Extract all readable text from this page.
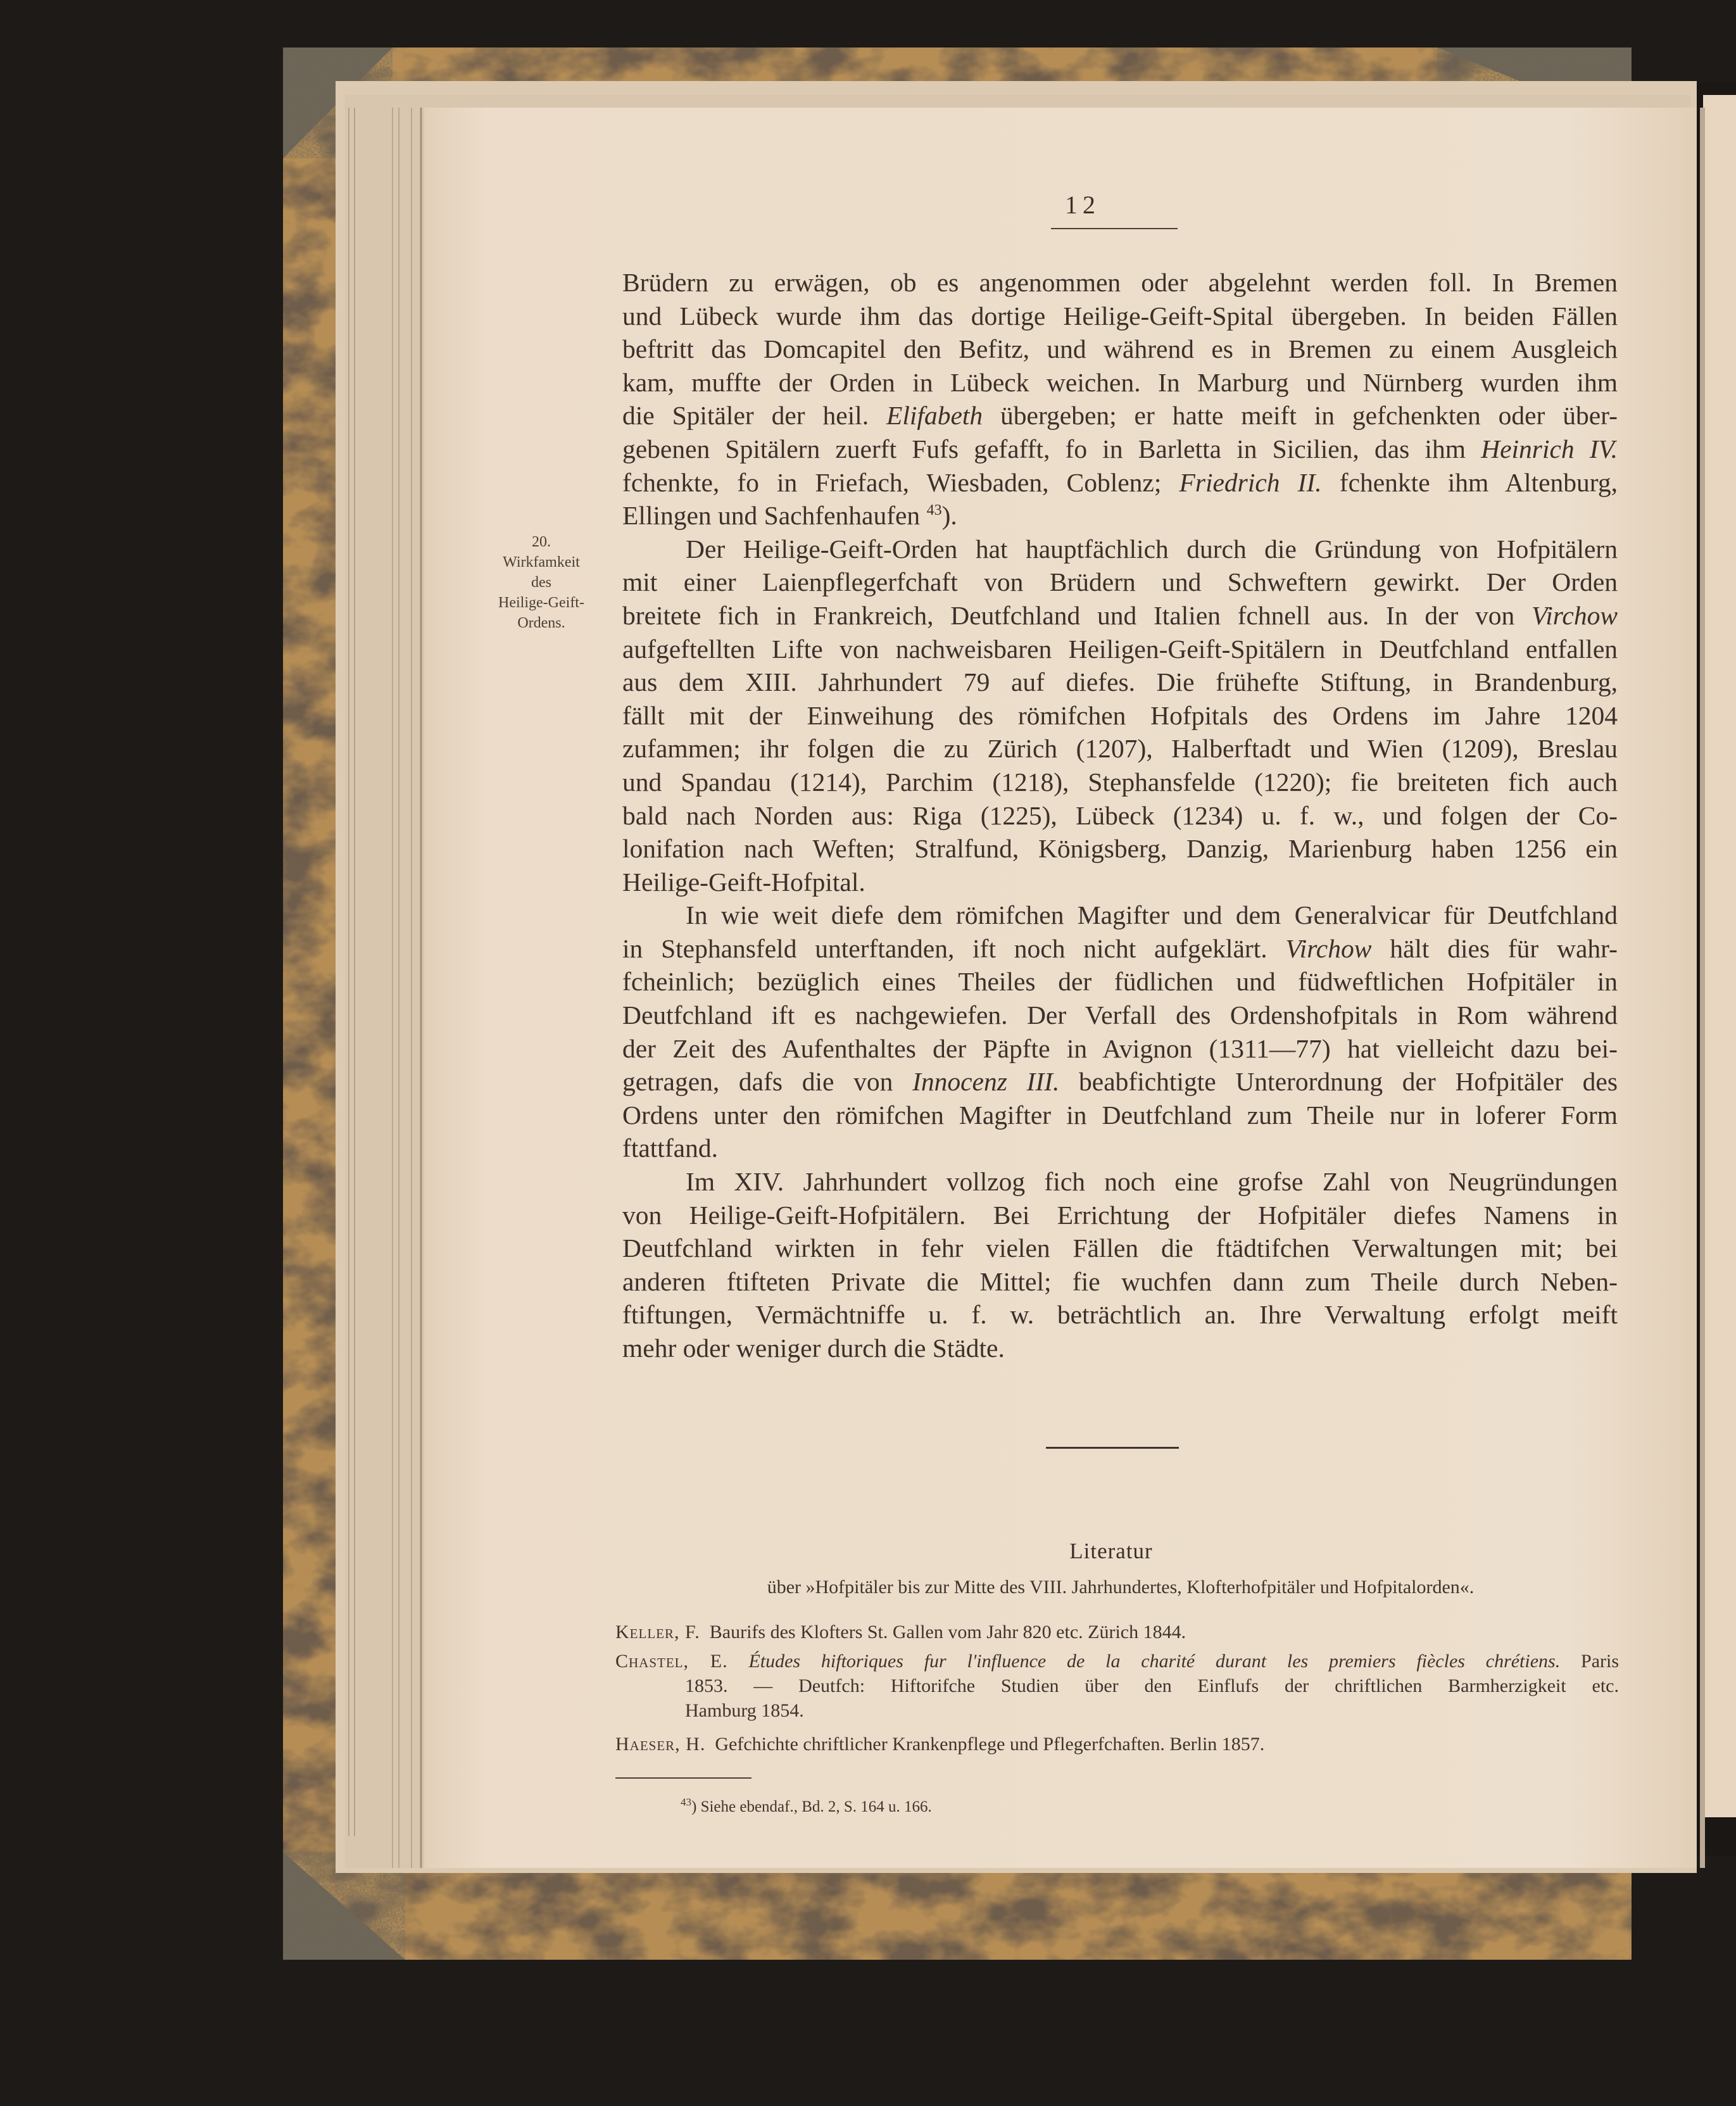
12
20.
Wirkfamkeit
des
Heilige-Geift-
Ordens.

Brüdern zu erwägen, ob es angenommen oder abgelehnt werden foll. In Bremen
und Lübeck wurde ihm das dortige Heilige-Geift-Spital übergeben. In beiden Fällen
beftritt das Domcapitel den Befitz, und während es in Bremen zu einem Ausgleich
kam, muffte der Orden in Lübeck weichen. In Marburg und Nürnberg wurden ihm
die Spitäler der heil. Elifabeth übergeben; er hatte meift in gefchenkten oder über-
gebenen Spitälern zuerft Fufs gefafft, fo in Barletta in Sicilien, das ihm Heinrich IV.
fchenkte, fo in Friefach, Wiesbaden, Coblenz; Friedrich II. fchenkte ihm Altenburg,
Ellingen und Sachfenhaufen $^{43}$).

Der Heilige-Geift-Orden hat hauptfächlich durch die Gründung von Hofpitälern
mit einer Laienpflegerfchaft von Brüdern und Schweftern gewirkt. Der Orden
breitete fich in Frankreich, Deutfchland und Italien fchnell aus. In der von Virchow
aufgeftellten Lifte von nachweisbaren Heiligen-Geift-Spitälern in Deutfchland entfallen
aus dem XIII. Jahrhundert 79 auf diefes. Die frühefte Stiftung, in Brandenburg,
fällt mit der Einweihung des römifchen Hofpitals des Ordens im Jahre 1204
zufammen; ihr folgen die zu Zürich (1207), Halberftadt und Wien (1209), Breslau
und Spandau (1214), Parchim (1218), Stephansfelde (1220); fie breiteten fich auch
bald nach Norden aus: Riga (1225), Lübeck (1234) u. f. w., und folgen der Co-
lonifation nach Weften; Stralfund, Königsberg, Danzig, Marienburg haben 1256 ein
Heilige-Geift-Hofpital.

In wie weit diefe dem römifchen Magifter und dem Generalvicar für Deutfchland
in Stephansfeld unterftanden, ift noch nicht aufgeklärt. Virchow hält dies für wahr-
fcheinlich; bezüglich eines Theiles der füdlichen und füdweftlichen Hofpitäler in
Deutfchland ift es nachgewiefen. Der Verfall des Ordenshofpitals in Rom während
der Zeit des Aufenthaltes der Päpfte in Avignon (1311—77) hat vielleicht dazu bei-
getragen, dafs die von Innocenz III. beabfichtigte Unterordnung der Hofpitäler des
Ordens unter den römifchen Magifter in Deutfchland zum Theile nur in loferer Form
ftattfand.

Im XIV. Jahrhundert vollzog fich noch eine grofse Zahl von Neugründungen
von Heilige-Geift-Hofpitälern. Bei Errichtung der Hofpitäler diefes Namens in
Deutfchland wirkten in fehr vielen Fällen die ftädtifchen Verwaltungen mit; bei
anderen ftifteten Private die Mittel; fie wuchfen dann zum Theile durch Neben-
ftiftungen, Vermächtniffe u. f. w. beträchtlich an. Ihre Verwaltung erfolgt meift
mehr oder weniger durch die Städte.

Literatur
über »Hofpitäler bis zur Mitte des VIII. Jahrhundertes, Klofterhofpitäler und Hofpitalorden«.
Keller, F. Baurifs des Klofters St. Gallen vom Jahr 820 etc. Zürich 1844.
Chastel, E. Études hiftoriques fur l'influence de la charité durant les premiers fiècles chrétiens. Paris
1853. — Deutfch: Hiftorifche Studien über den Einflufs der chriftlichen Barmherzigkeit etc.
Hamburg 1854.
Haeser, H. Gefchichte chriftlicher Krankenpflege und Pflegerfchaften. Berlin 1857.
$^{43}$) Siehe ebendaf., Bd. 2, S. 164 u. 166.
